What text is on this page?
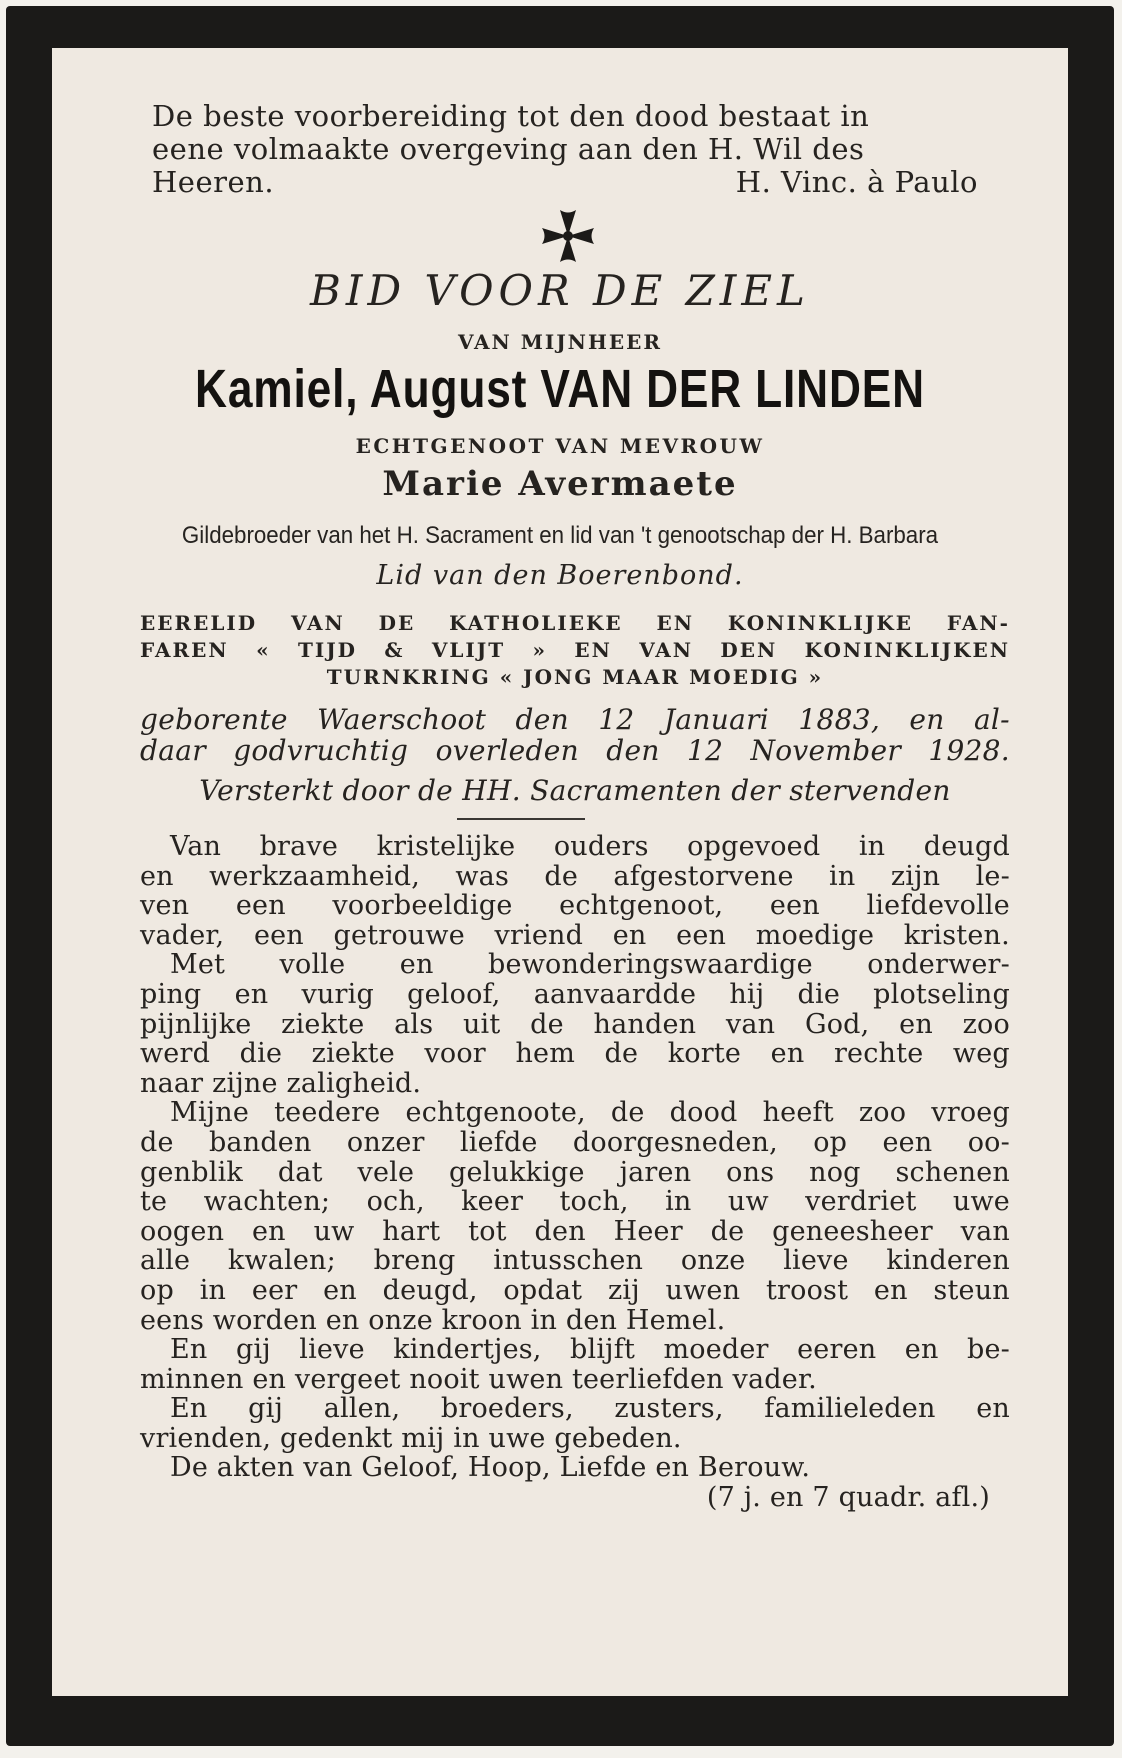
De beste voorbereiding tot den dood bestaat in
eene volmaakte overgeving aan den H. Wil des
Heeren.	H. Vinc. à Paulo
BID VOOR DE ZIEL
VAN MIJNHEER
Kamiel, August VAN DER LINDEN
ECHTGENOOT VAN MEVROUW
Marie Avermaete
Gildebroeder van het H. Sacrament en lid van 't genootschap der H. Barbara
Lid van den Boerenbond.
EERELID VAN DE KATHOLIEKE EN KONINKLIJKE FAN-
FAREN « TIJD & VLIJT » EN VAN DEN KONINKLIJKEN
TURNKRING « JONG MAAR MOEDIG »
geborente Waerschoot den 12 Januari 1883, en al-
daar godvruchtig overleden den 12 November 1928.
Versterkt door de HH. Sacramenten der stervenden
Van brave kristelijke ouders opgevoed in deugd
en werkzaamheid, was de afgestorvene in zijn le-
ven een voorbeeldige echtgenoot, een liefdevolle
vader, een getrouwe vriend en een moedige kristen.
Met volle en bewonderingswaardige onderwer-
ping en vurig geloof, aanvaardde hij die plotseling
pijnlijke ziekte als uit de handen van God, en zoo
werd die ziekte voor hem de korte en rechte weg
naar zijne zaligheid.
Mijne teedere echtgenoote, de dood heeft zoo vroeg
de banden onzer liefde doorgesneden, op een oo-
genblik dat vele gelukkige jaren ons nog schenen
te wachten; och, keer toch, in uw verdriet uwe
oogen en uw hart tot den Heer de geneesheer van
alle kwalen; breng intusschen onze lieve kinderen
op in eer en deugd, opdat zij uwen troost en steun
eens worden en onze kroon in den Hemel.
En gij lieve kindertjes, blijft moeder eeren en be-
minnen en vergeet nooit uwen teerliefden vader.
En gij allen, broeders, zusters, familieleden en
vrienden, gedenkt mij in uwe gebeden.
De akten van Geloof, Hoop, Liefde en Berouw.
(7 j. en 7 quadr. afl.)
